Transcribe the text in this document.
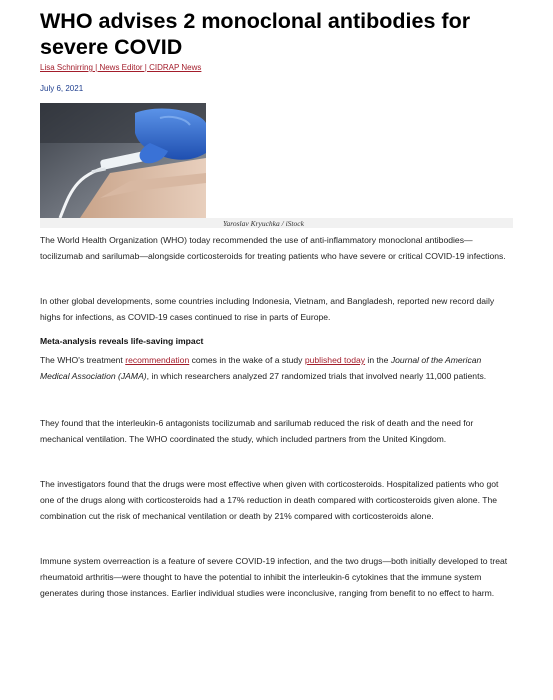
WHO advises 2 monoclonal antibodies for severe COVID
Lisa Schnirring | News Editor | CIDRAP News
July 6, 2021
Yaroslav Kryuchka / iStock

The World Health Organization (WHO) today recommended the use of anti-inflammatory monoclonal antibodies—tocilizumab and sarilumab—alongside corticosteroids for treating patients who have severe or critical COVID-19 infections.

In other global developments, some countries including Indonesia, Vietnam, and Bangladesh, reported new record daily highs for infections, as COVID-19 cases continued to rise in parts of Europe.

Meta-analysis reveals life-saving impact

The WHO's treatment recommendation comes in the wake of a study published today in the Journal of the American Medical Association (JAMA), in which researchers analyzed 27 randomized trials that involved nearly 11,000 patients.

They found that the interleukin-6 antagonists tocilizumab and sarilumab reduced the risk of death and the need for mechanical ventilation. The WHO coordinated the study, which included partners from the United Kingdom.

The investigators found that the drugs were most effective when given with corticosteroids. Hospitalized patients who got one of the drugs along with corticosteroids had a 17% reduction in death compared with corticosteroids given alone. The combination cut the risk of mechanical ventilation or death by 21% compared with corticosteroids alone.

Immune system overreaction is a feature of severe COVID-19 infection, and the two drugs—both initially developed to treat rheumatoid arthritis—were thought to have the potential to inhibit the interleukin-6 cytokines that the immune system generates during those instances. Earlier individual studies were inconclusive, ranging from benefit to no effect to harm.
